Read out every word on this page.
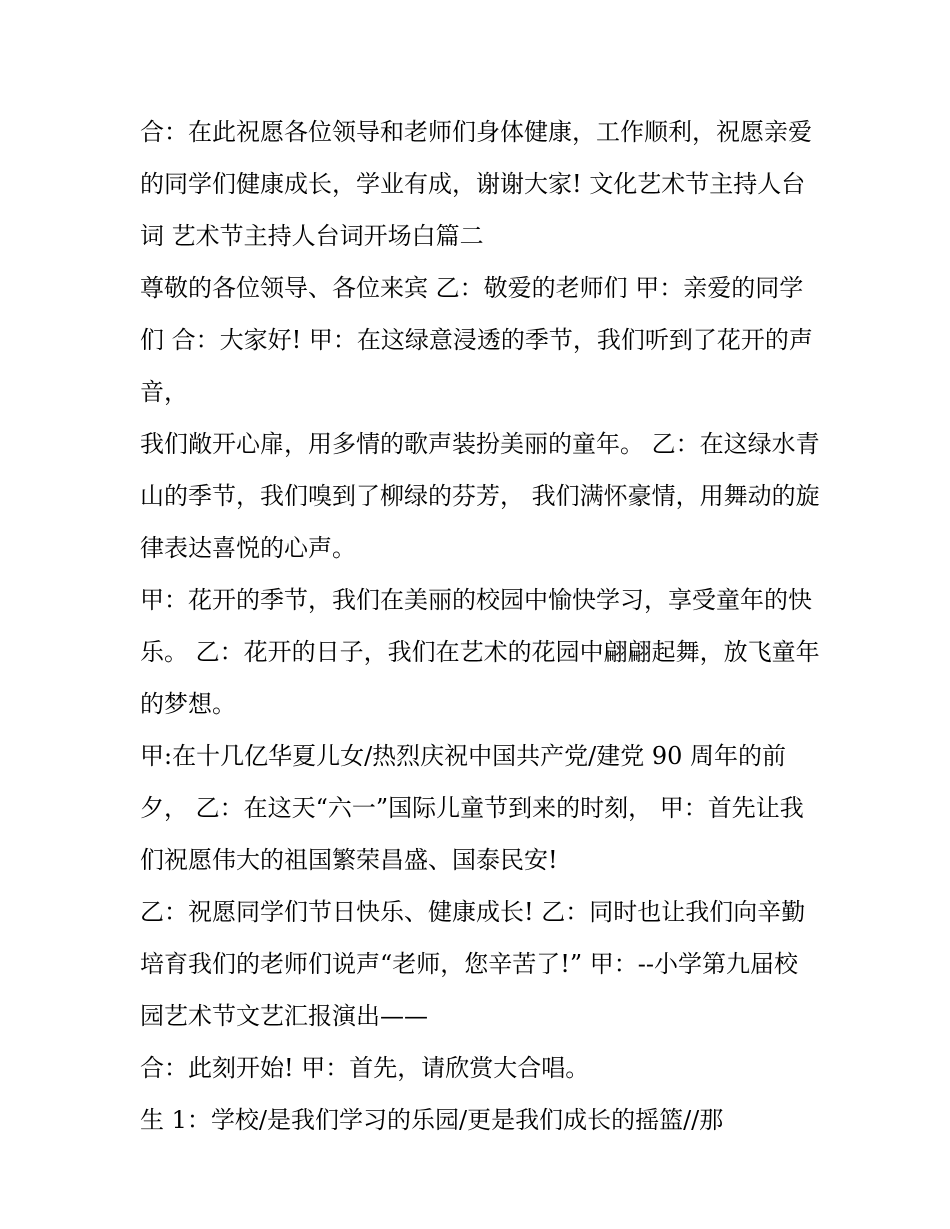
合：在此祝愿各位领导和老师们身体健康，工作顺利，祝愿亲爱的同学们健康成长，学业有成，谢谢大家! 文化艺术节主持人台词 艺术节主持人台词开场白篇二

尊敬的各位领导、各位来宾 乙：敬爱的老师们 甲：亲爱的同学们 合：大家好! 甲：在这绿意浸透的季节，我们听到了花开的声音，

我们敞开心扉，用多情的歌声装扮美丽的童年。 乙：在这绿水青山的季节，我们嗅到了柳绿的芬芳， 我们满怀豪情，用舞动的旋律表达喜悦的心声。

甲：花开的季节，我们在美丽的校园中愉快学习，享受童年的快乐。 乙：花开的日子，我们在艺术的花园中翩翩起舞，放飞童年的梦想。

甲:在十几亿华夏儿女/热烈庆祝中国共产党/建党 90 周年的前夕， 乙：在这天“六一”国际儿童节到来的时刻， 甲：首先让我们祝愿伟大的祖国繁荣昌盛、国泰民安!

乙：祝愿同学们节日快乐、健康成长! 乙：同时也让我们向辛勤培育我们的老师们说声“老师，您辛苦了!” 甲：--小学第九届校园艺术节文艺汇报演出——

合：此刻开始! 甲：首先，请欣赏大合唱。

生 1：学校/是我们学习的乐园/更是我们成长的摇篮//那
